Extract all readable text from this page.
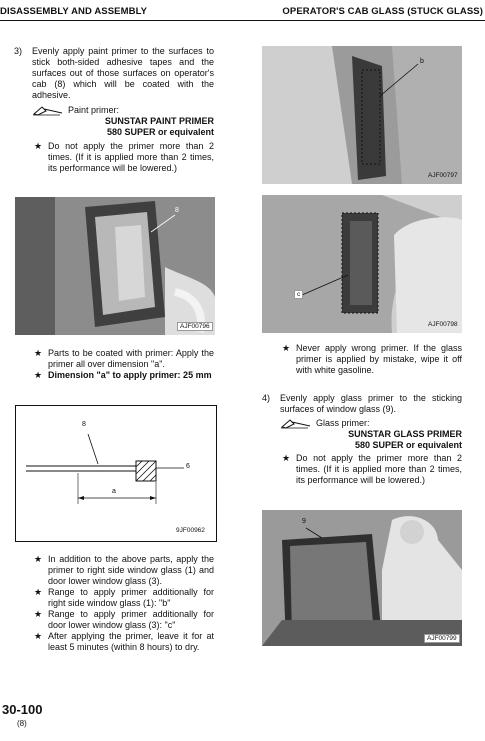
DISASSEMBLY AND ASSEMBLY	OPERATOR'S CAB GLASS (STUCK GLASS)
3) Evenly apply paint primer to the surfaces to stick both-sided adhesive tapes and the surfaces out of those surfaces on operator's cab (8) which will be coated with the adhesive.

Paint primer:
SUNSTAR PAINT PRIMER
580 SUPER or equivalent
★ Do not apply the primer more than 2 times. (If it is applied more than 2 times, its performance will be lowered.)

8
AJF00796
★ Parts to be coated with primer: Apply the primer all over dimension "a".

★ Dimension "a" to apply primer: 25 mm

8
6
a
9JF00962
★ In addition to the above parts, apply the primer to right side window glass (1) and door lower window glass (3).

★ Range to apply primer additionally for right side window glass (1): "b"

★ Range to apply primer additionally for door lower window glass (3): "c"

★ After applying the primer, leave it for at least 5 minutes (within 8 hours) to dry.

30-100
(8)
b
AJF00797
c
AJF00798
★ Never apply wrong primer. If the glass primer is applied by mistake, wipe it off with white gasoline.

4) Evenly apply glass primer to the sticking surfaces of window glass (9).

Glass primer:
SUNSTAR GLASS PRIMER
580 SUPER or equivalent
★ Do not apply the primer more than 2 times. (If it is applied more than 2 times, its performance will be lowered.)

9
AJF00799
